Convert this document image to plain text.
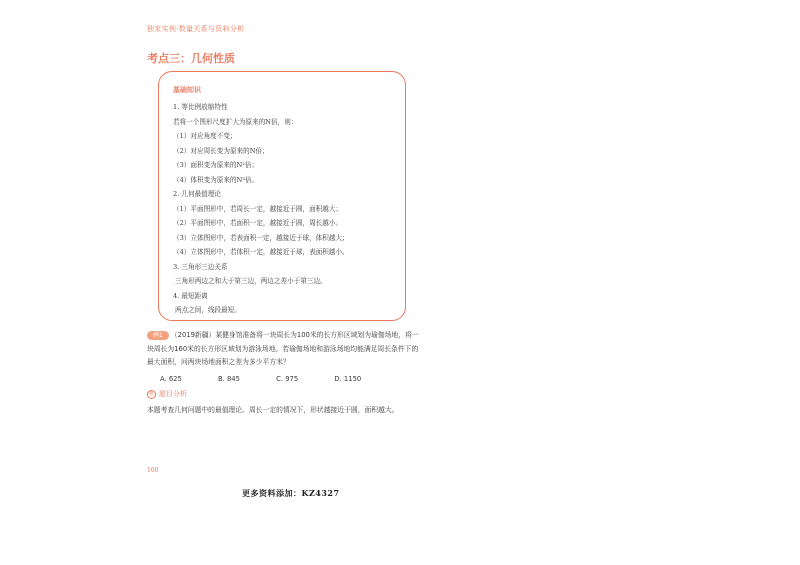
独家实例·数量关系与资料分析
考点三：几何性质
基础知识
1. 等比例放缩特性
若将一个图形尺度扩大为原来的N倍，则：
（1）对应角度不变；
（2）对应周长变为原来的N倍；
（3）面积变为原来的N²倍；
（4）体积变为原来的N³倍。
2. 几何最值理论
（1）平面图形中，若周长一定，越接近于圆，面积越大；
（2）平面图形中，若面积一定，越接近于圆，周长越小。
（3）立体图形中，若表面积一定，越接近于球，体积越大；
（4）立体图形中，若体积一定，越接近于球，表面积越小。
3. 三角形三边关系
三角形两边之和大于第三边，两边之差小于第三边。
4. 最短距离
两点之间，线段最短。
例1 （2019新疆）某健身馆准备将一块周长为100米的长方形区域划为瑜伽场地，将一块周长为160米的长方形区域划为游泳场地。若瑜伽场地和游泳场地均能满足周长条件下的最大面积，问两块场地面积之差为多少平方米？
A. 625	B. 845	C. 975	D. 1150
析 题目分析
本题考查几何问题中的最值理论。周长一定的情况下，形状越接近于圆，面积越大。
100
更多资料添加：KZ4327
